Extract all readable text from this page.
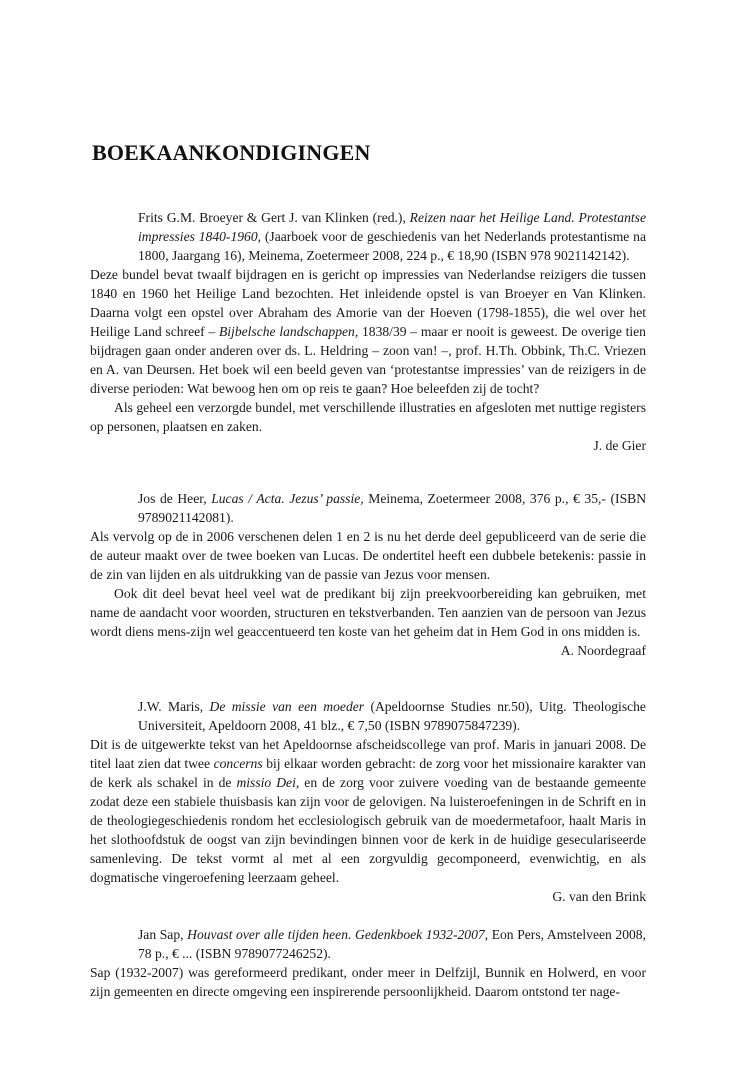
BOEKAANKONDIGINGEN
Frits G.M. Broeyer & Gert J. van Klinken (red.), Reizen naar het Heilige Land. Protestantse impressies 1840-1960, (Jaarboek voor de geschiedenis van het Nederlands protestantisme na 1800, Jaargang 16), Meinema, Zoetermeer 2008, 224 p., € 18,90 (ISBN 978 9021142142).

Deze bundel bevat twaalf bijdragen en is gericht op impressies van Nederlandse reizigers die tussen 1840 en 1960 het Heilige Land bezochten. Het inleidende opstel is van Broeyer en Van Klinken. Daarna volgt een opstel over Abraham des Amorie van der Hoeven (1798-1855), die wel over het Heilige Land schreef – Bijbelsche landschappen, 1838/39 – maar er nooit is geweest. De overige tien bijdragen gaan onder anderen over ds. L. Heldring – zoon van! –, prof. H.Th. Obbink, Th.C. Vriezen en A. van Deursen. Het boek wil een beeld geven van ‘protestantse impressies’ van de reizigers in de diverse perioden: Wat bewoog hen om op reis te gaan? Hoe beleefden zij de tocht?

Als geheel een verzorgde bundel, met verschillende illustraties en afgesloten met nuttige registers op personen, plaatsen en zaken.

J. de Gier

Jos de Heer, Lucas / Acta. Jezus’ passie, Meinema, Zoetermeer 2008, 376 p., € 35,- (ISBN 9789021142081).

Als vervolg op de in 2006 verschenen delen 1 en 2 is nu het derde deel gepubliceerd van de serie die de auteur maakt over de twee boeken van Lucas. De ondertitel heeft een dubbele betekenis: passie in de zin van lijden en als uitdrukking van de passie van Jezus voor mensen.

Ook dit deel bevat heel veel wat de predikant bij zijn preekvoorbereiding kan gebruiken, met name de aandacht voor woorden, structuren en tekstverbanden. Ten aanzien van de persoon van Jezus wordt diens mens-zijn wel geaccentueerd ten koste van het geheim dat in Hem God in ons midden is.

A. Noordegraaf

J.W. Maris, De missie van een moeder (Apeldoornse Studies nr.50), Uitg. Theologische Universiteit, Apeldoorn 2008, 41 blz., € 7,50 (ISBN 9789075847239).

Dit is de uitgewerkte tekst van het Apeldoornse afscheidscollege van prof. Maris in januari 2008. De titel laat zien dat twee concerns bij elkaar worden gebracht: de zorg voor het missionaire karakter van de kerk als schakel in de missio Dei, en de zorg voor zuivere voeding van de bestaande gemeente zodat deze een stabiele thuisbasis kan zijn voor de gelovigen. Na luisteroefeningen in de Schrift en in de theologiegeschiedenis rondom het ecclesiologisch gebruik van de moedermetafoor, haalt Maris in het slothoofdstuk de oogst van zijn bevindingen binnen voor de kerk in de huidige geseculariseerde samenleving. De tekst vormt al met al een zorgvuldig gecomponeerd, evenwichtig, en als dogmatische vingeroefening leerzaam geheel.

G. van den Brink

Jan Sap, Houvast over alle tijden heen. Gedenkboek 1932-2007, Eon Pers, Amstelveen 2008, 78 p., € ... (ISBN 9789077246252).

Sap (1932-2007) was gereformeerd predikant, onder meer in Delfzijl, Bunnik en Holwerd, en voor zijn gemeenten en directe omgeving een inspirerende persoonlijkheid. Daarom ontstond ter nage-
